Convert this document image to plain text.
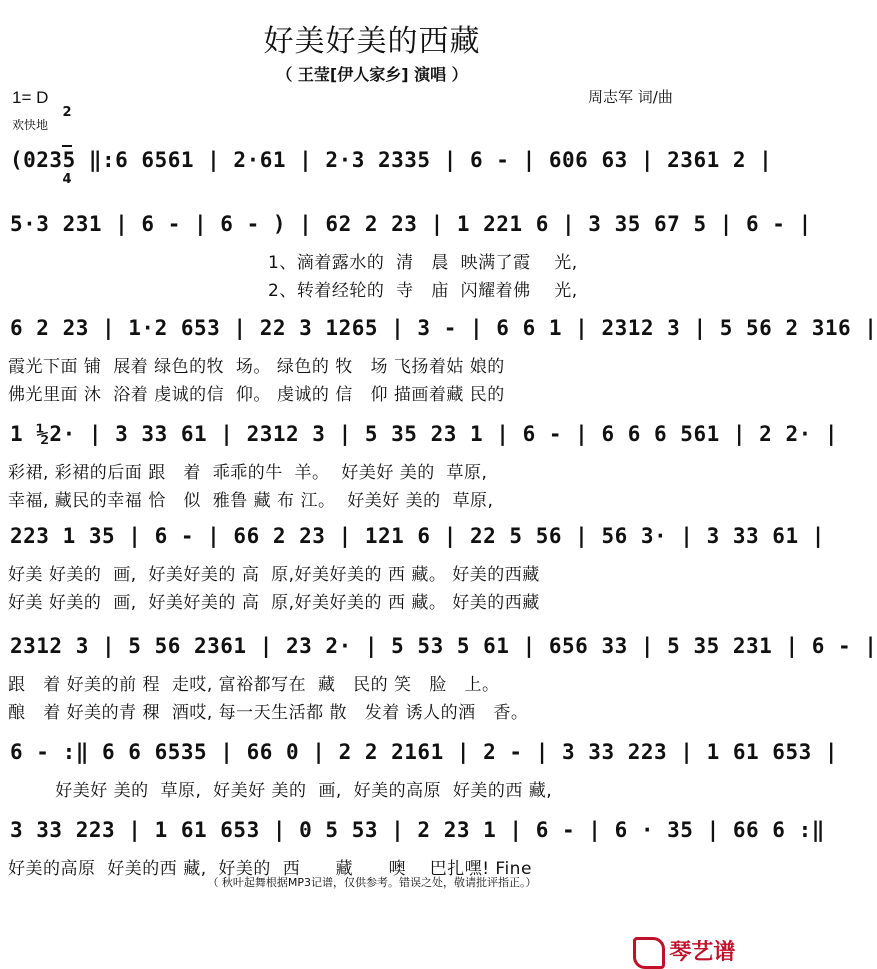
好美好美的西藏
（ 王莹[伊人家乡] 演唱 ）
1= D

2

4

欢快地
周志军 词/曲
(0235 ‖:6 6561 | 2·61 | 2·3 2335 | 6 - | 606 63 | 2361 2 |
5·3 231 | 6 - | 6 - ) | 62 2 23 | 1 221 6 | 3 35 67 5 | 6 - |
1、滴着露水的  清   晨  映满了霞    光,
2、转着经轮的  寺   庙  闪耀着佛    光,
6 2 23 | 1·2 653 | 22 3 1265 | 3 - | 6 6 1 | 2312 3 | 5 56 2 316 |
霞光下面 铺  展着 绿色的牧  场。 绿色的 牧   场 飞扬着姑 娘的
佛光里面 沐  浴着 虔诚的信  仰。 虔诚的 信   仰 描画着藏 民的
1 ½2· | 3 33 61 | 2312 3 | 5 35 23 1 | 6 - | 6 6 6 561 | 2 2· |
彩裙, 彩裙的后面 跟   着  乖乖的牛  羊。  好美好 美的  草原,
幸福, 藏民的幸福 恰   似  雅鲁 藏 布 江。  好美好 美的  草原,
223 1 35 | 6 - | 66 2 23 | 121 6 | 22 5 56 | 56 3· | 3 33 61 |
好美 好美的  画,  好美好美的 高  原,好美好美的 西 藏。 好美的西藏
好美 好美的  画,  好美好美的 高  原,好美好美的 西 藏。 好美的西藏
2312 3 | 5 56 2361 | 23 2· | 5 53 5 61 | 656 33 | 5 35 231 | 6 - |
跟   着 好美的前 程  走哎, 富裕都写在  藏   民的 笑   脸   上。
酿   着 好美的青 稞  酒哎, 每一天生活都 散   发着 诱人的酒   香。
6 - :‖ 6 6 6535 | 66 0 | 2 2 2161 | 2 - | 3 33 223 | 1 61 653 |
好美好 美的  草原,  好美好 美的  画,  好美的高原  好美的西 藏,
3 33 223 | 1 61 653 | 0 5 53 | 2 23 1 | 6 - | 6 · 35 | 66 6 :‖
好美的高原  好美的西 藏,  好美的  西      藏      噢    巴扎嘿! Fine
（ 秋叶起舞根据MP3记谱，仅供参考。错误之处，敬请批评指正。）

琴艺谱
